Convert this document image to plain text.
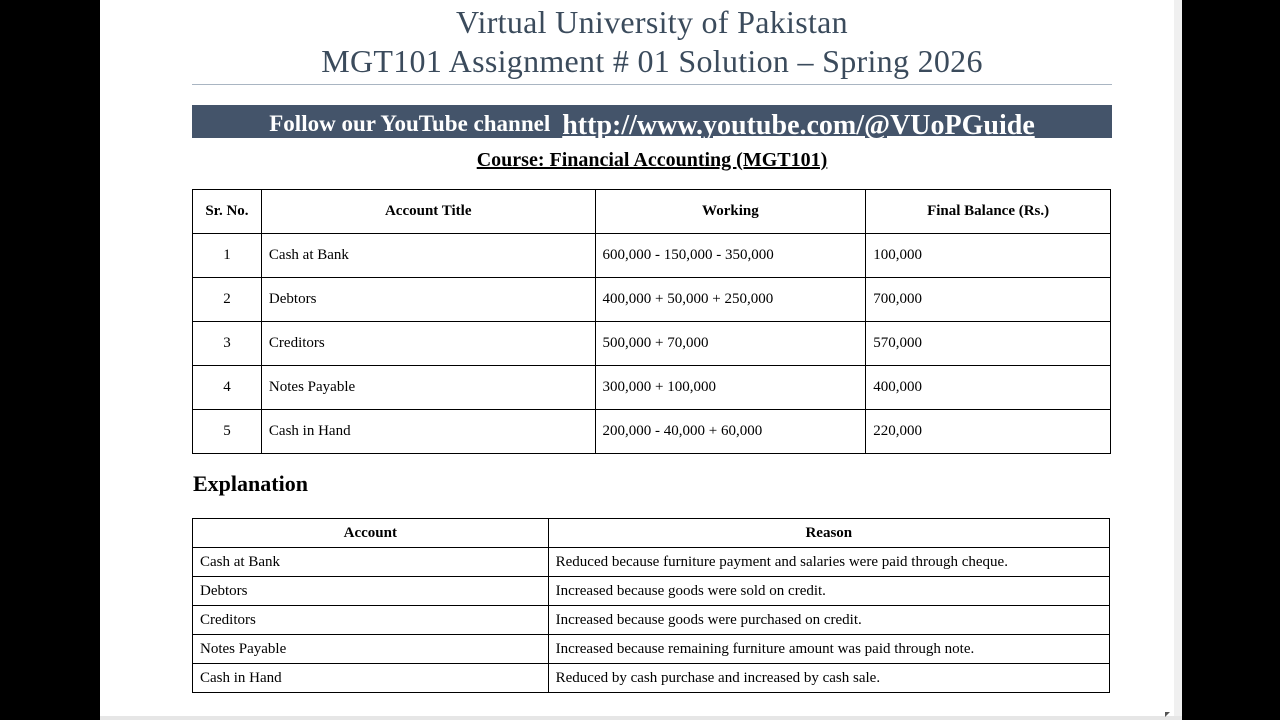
Virtual University of Pakistan
MGT101 Assignment # 01 Solution – Spring 2026
Follow our YouTube channel http://www.youtube.com/@VUoPGuide
Course: Financial Accounting (MGT101)
Sr. No.	Account Title	Working	Final Balance (Rs.)
1	Cash at Bank	600,000 - 150,000 - 350,000	100,000
2	Debtors	400,000 + 50,000 + 250,000	700,000
3	Creditors	500,000 + 70,000	570,000
4	Notes Payable	300,000 + 100,000	400,000
5	Cash in Hand	200,000 - 40,000 + 60,000	220,000
Explanation
Account	Reason
Cash at Bank	Reduced because furniture payment and salaries were paid through cheque.
Debtors	Increased because goods were sold on credit.
Creditors	Increased because goods were purchased on credit.
Notes Payable	Increased because remaining furniture amount was paid through note.
Cash in Hand	Reduced by cash purchase and increased by cash sale.
